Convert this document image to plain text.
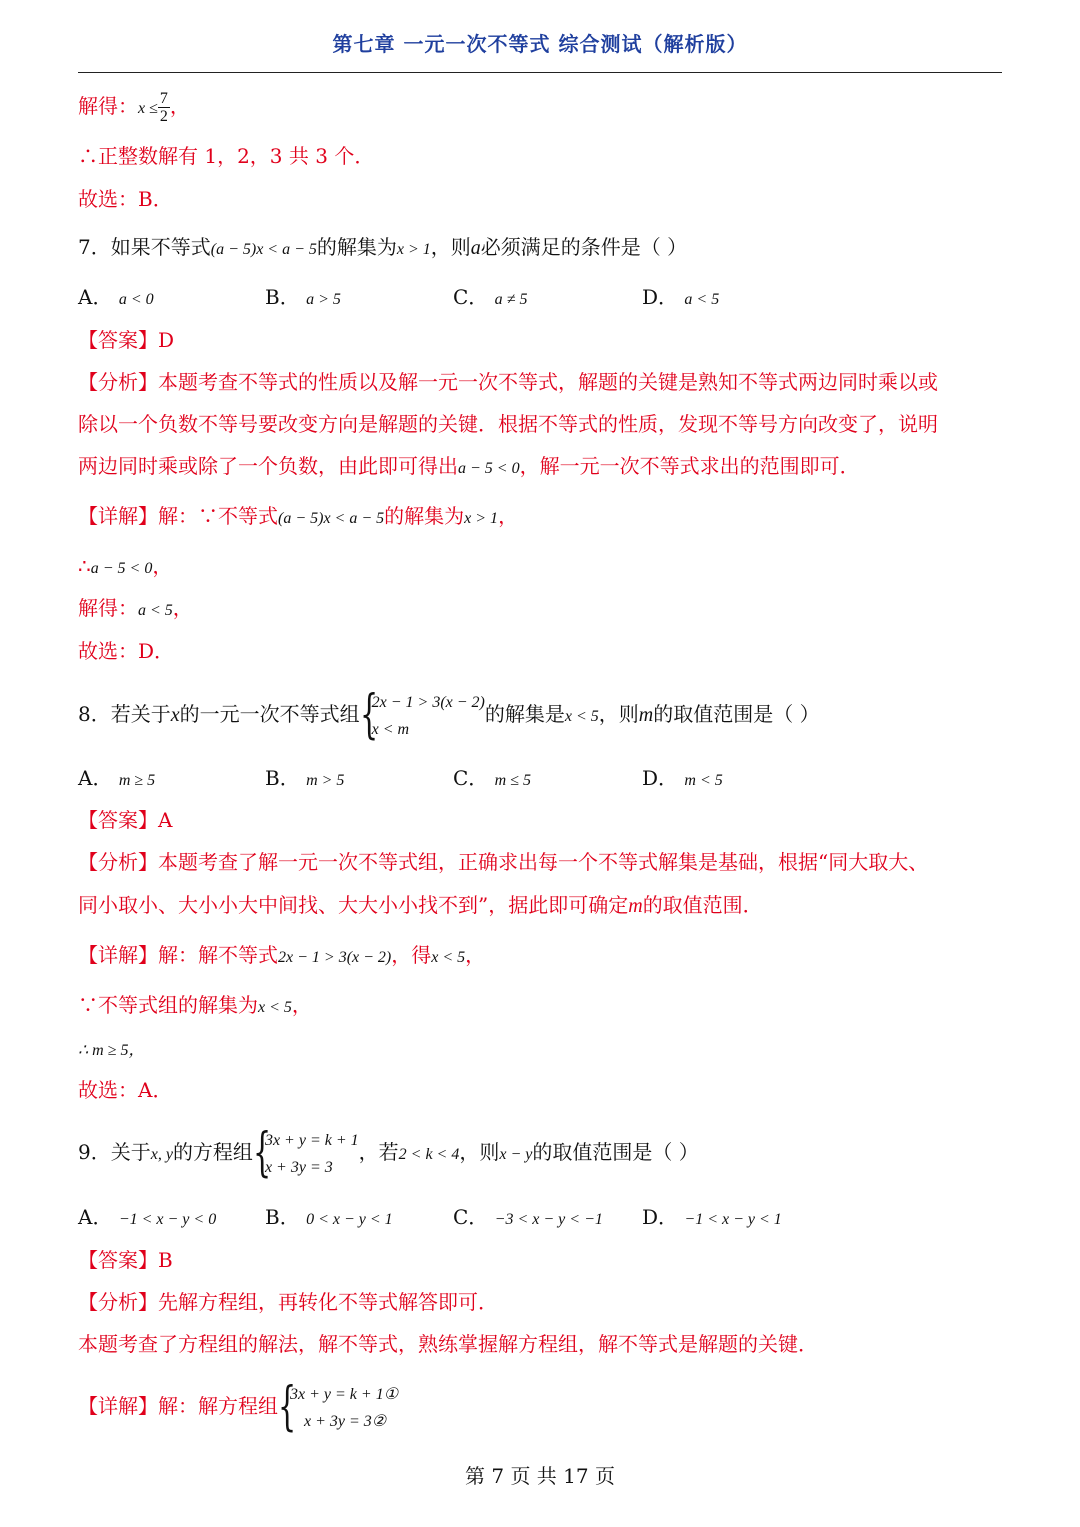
第七章 一元一次不等式 综合测试（解析版）
解得：$x \le \frac{7}{2}$ ，
∴正整数解有 1，2，3 共 3 个．
故选：B．
7．如果不等式(a − 5)x < a − 5的解集为x > 1，则a必须满足的条件是（ ）
A． a < 0	B． a > 5	C． a ≠ 5	D． a < 5
【答案】D
【分析】本题考查不等式的性质以及解一元一次不等式，解题的关键是熟知不等式两边同时乘以或
除以一个负数不等号要改变方向是解题的关键．根据不等式的性质，发现不等号方向改变了，说明
两边同时乘或除了一个负数，由此即可得出a − 5 < 0，解一元一次不等式求出的范围即可．
【详解】解：∵不等式(a − 5)x < a − 5的解集为x > 1，
∴a − 5 < 0，
解得：a < 5，
故选：D．
8．若关于x的一元一次不等式组 {
2x − 1 > 3(x − 2)
x < m
的解集是x < 5，则m的取值范围是（ ）
A． m ≥ 5	B． m > 5	C． m ≤ 5	D． m < 5
【答案】A
【分析】本题考查了解一元一次不等式组，正确求出每一个不等式解集是基础，根据“同大取大、
同小取小、大小小大中间找、大大小小找不到”，据此即可确定m的取值范围．
【详解】解：解不等式2x − 1 > 3(x − 2)，得x < 5，
∵不等式组的解集为x < 5，
∴ m ≥ 5，
故选：A．
9．关于x, y的方程组 {
3x + y = k + 1
x + 3y = 3
，若2 < k < 4，则x − y的取值范围是（ ）
A． −1 < x − y < 0 B． 0 < x − y < 1	C． −3 < x − y < −1 D． −1 < x − y < 1
【答案】B
【分析】先解方程组，再转化不等式解答即可．
本题考查了方程组的解法，解不等式，熟练掌握解方程组，解不等式是解题的关键．
【详解】解：解方程组 {
3x + y = k + 1①
x + 3y = 3②
第 7 页 共 17 页
